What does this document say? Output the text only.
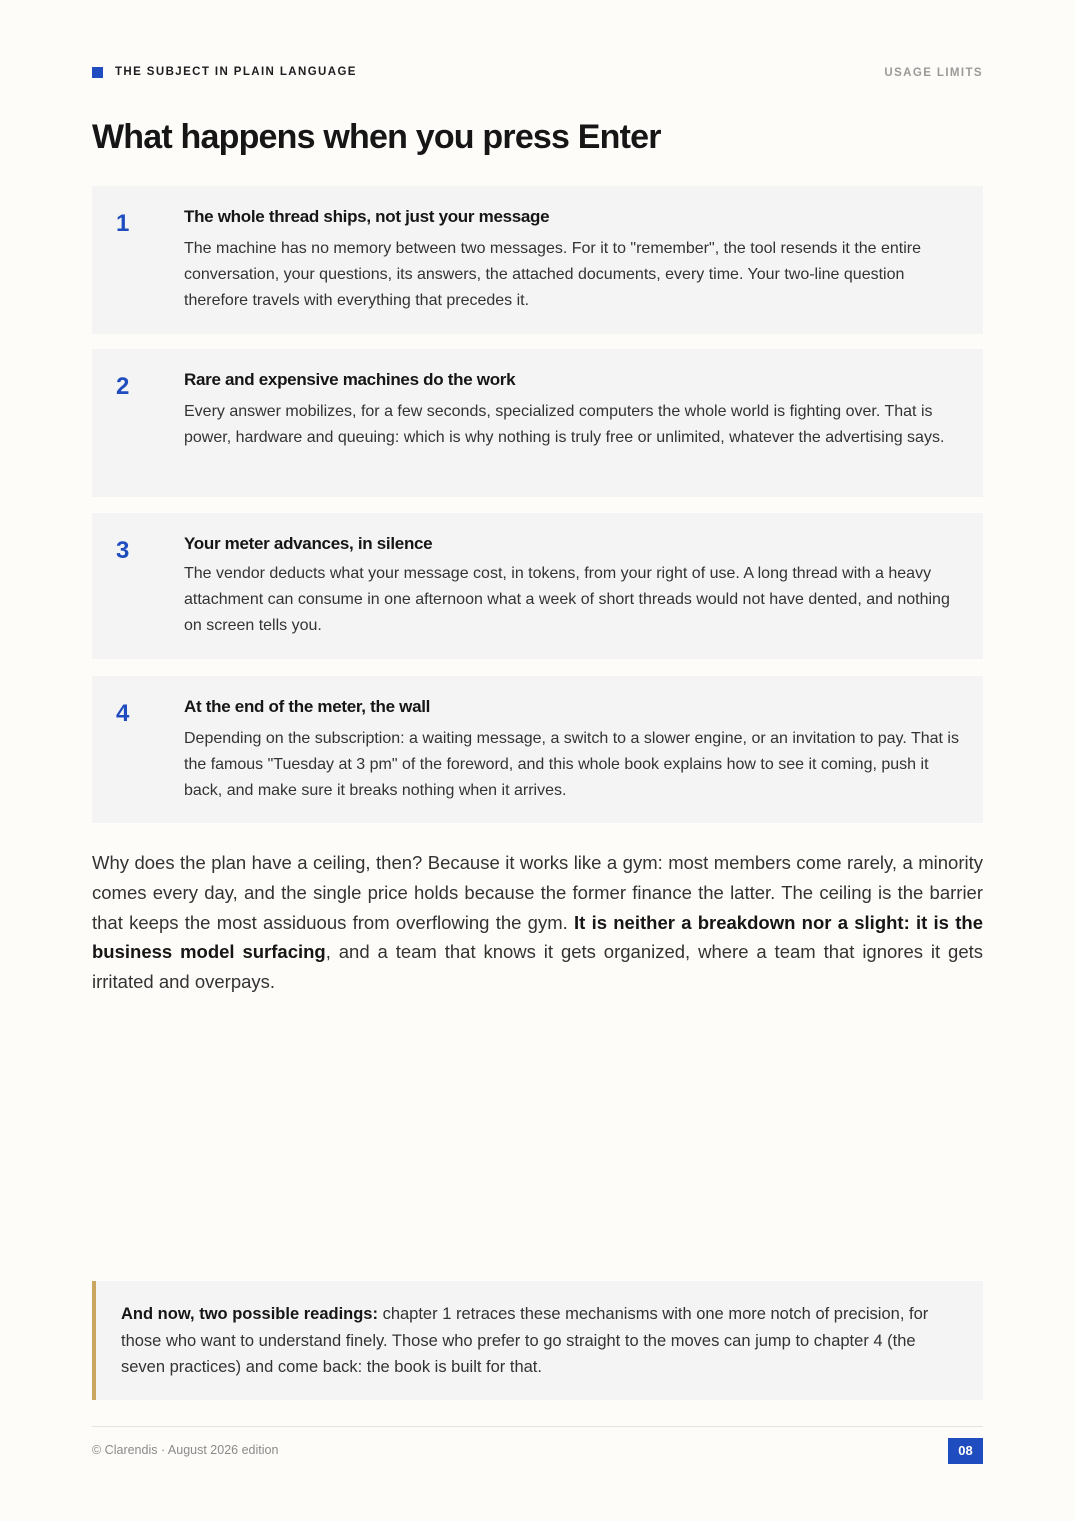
THE SUBJECT IN PLAIN LANGUAGE	USAGE LIMITS
What happens when you press Enter
1	The whole thread ships, not just your message

The machine has no memory between two messages. For it to "remember", the tool resends it the entire conversation, your questions, its answers, the attached documents, every time. Your two-line question therefore travels with everything that precedes it.

2	Rare and expensive machines do the work

Every answer mobilizes, for a few seconds, specialized computers the whole world is fighting over. That is power, hardware and queuing: which is why nothing is truly free or unlimited, whatever the advertising says.

3	Your meter advances, in silence

The vendor deducts what your message cost, in tokens, from your right of use. A long thread with a heavy attachment can consume in one afternoon what a week of short threads would not have dented, and nothing on screen tells you.

4	At the end of the meter, the wall

Depending on the subscription: a waiting message, a switch to a slower engine, or an invitation to pay. That is the famous "Tuesday at 3 pm" of the foreword, and this whole book explains how to see it coming, push it back, and make sure it breaks nothing when it arrives.

Why does the plan have a ceiling, then? Because it works like a gym: most members come rarely, a minority comes every day, and the single price holds because the former finance the latter. The ceiling is the barrier that keeps the most assiduous from overflowing the gym. It is neither a breakdown nor a slight: it is the business model surfacing, and a team that knows it gets organized, where a team that ignores it gets irritated and overpays.

And now, two possible readings: chapter 1 retraces these mechanisms with one more notch of precision, for those who want to understand finely. Those who prefer to go straight to the moves can jump to chapter 4 (the seven practices) and come back: the book is built for that.
© Clarendis · August 2026 edition	08
